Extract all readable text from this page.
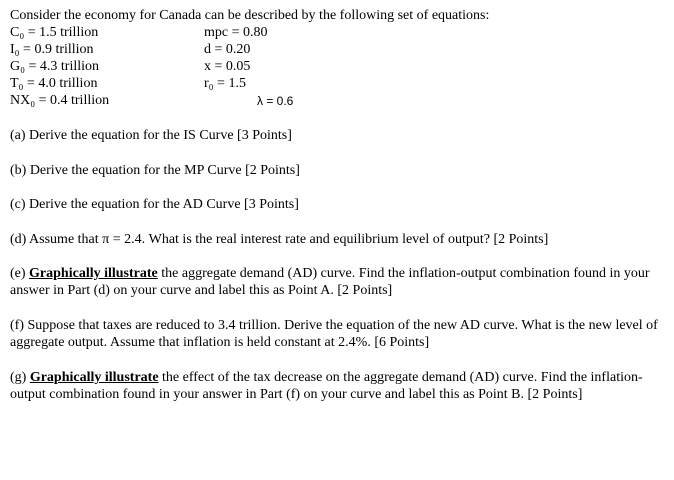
Consider the economy for Canada can be described by the following set of equations:
C₀ = 1.5 trillion
I₀ = 0.9 trillion
G₀ = 4.3 trillion
T₀ = 4.0 trillion
NX₀ = 0.4 trillion
mpc = 0.80
d = 0.20
x = 0.05
r₀ = 1.5
λ = 0.6
(a) Derive the equation for the IS Curve [3 Points]
(b) Derive the equation for the MP Curve [2 Points]
(c) Derive the equation for the AD Curve [3 Points]
(d) Assume that π = 2.4. What is the real interest rate and equilibrium level of output? [2 Points]
(e) Graphically illustrate the aggregate demand (AD) curve. Find the inflation-output combination found in your answer in Part (d) on your curve and label this as Point A. [2 Points]
(f) Suppose that taxes are reduced to 3.4 trillion. Derive the equation of the new AD curve. What is the new level of aggregate output. Assume that inflation is held constant at 2.4%. [6 Points]
(g) Graphically illustrate the effect of the tax decrease on the aggregate demand (AD) curve. Find the inflation-output combination found in your answer in Part (f) on your curve and label this as Point B. [2 Points]
